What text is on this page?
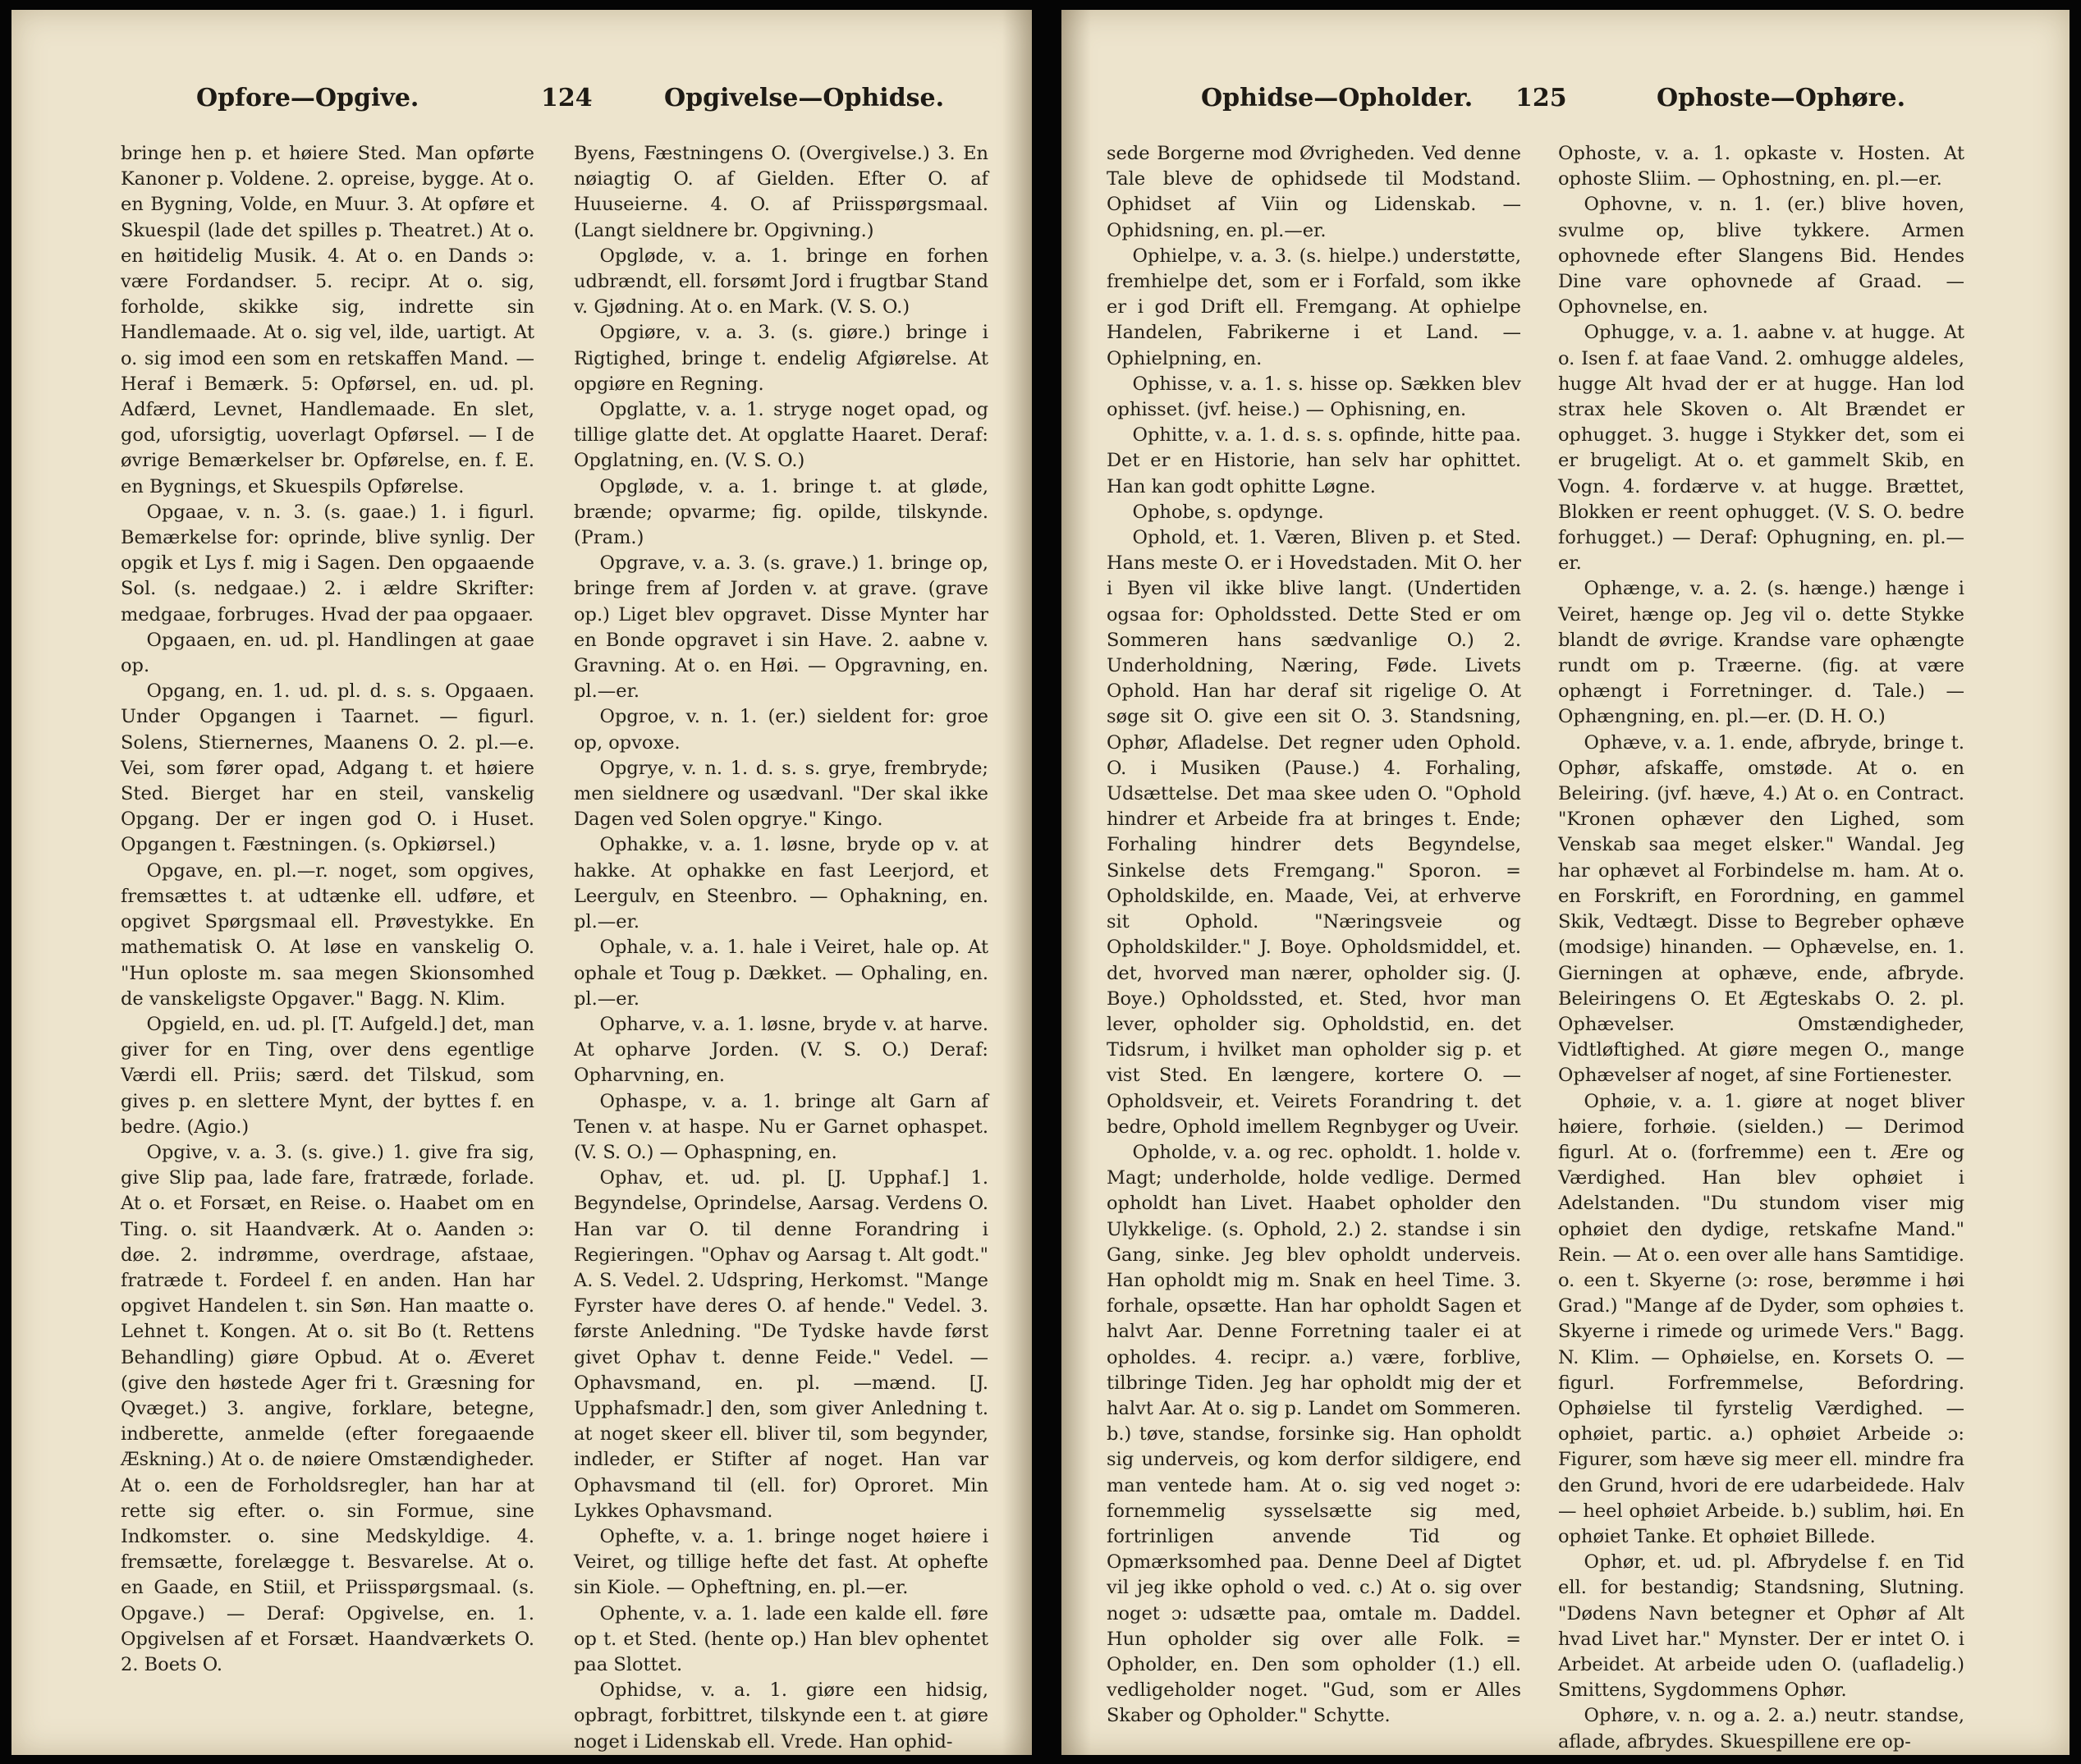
Opfore—Opgive.	124	Opgivelse—Ophidse.

bringe hen p. et høiere Sted. Man opførte Kanoner p. Voldene. 2. opreise, bygge. At o. en Bygning, Volde, en Muur. 3. At opføre et Skuespil (lade det spilles p. Theatret.) At o. en høitidelig Musik. 4. At o. en Dands ɔ: være Fordandser. 5. recipr. At o. sig, forholde, skikke sig, indrette sin Handlemaade. At o. sig vel, ilde, uartigt. At o. sig imod een som en retskaffen Mand. — Heraf i Bemærk. 5: Opførsel, en. ud. pl. Adfærd, Levnet, Handlemaade. En slet, god, uforsigtig, uoverlagt Opførsel. — I de øvrige Bemærkelser br. Opførelse, en. f. E. en Bygnings, et Skuespils Opførelse.

Opgaae, v. n. 3. (s. gaae.) 1. i figurl. Bemærkelse for: oprinde, blive synlig. Der opgik et Lys f. mig i Sagen. Den opgaaende Sol. (s. nedgaae.) 2. i ældre Skrifter: medgaae, forbruges. Hvad der paa opgaaer.

Opgaaen, en. ud. pl. Handlingen at gaae op.

Opgang, en. 1. ud. pl. d. s. s. Opgaaen. Under Opgangen i Taarnet. — figurl. Solens, Stiernernes, Maanens O. 2. pl.—e. Vei, som fører opad, Adgang t. et høiere Sted. Bierget har en steil, vanskelig Opgang. Der er ingen god O. i Huset. Opgangen t. Fæstningen. (s. Opkiørsel.)

Opgave, en. pl.—r. noget, som opgives, fremsættes t. at udtænke ell. udføre, et opgivet Spørgsmaal ell. Prøvestykke. En mathematisk O. At løse en vanskelig O. "Hun oploste m. saa megen Skionsomhed de vanskeligste Opgaver." Bagg. N. Klim.

Opgield, en. ud. pl. [T. Aufgeld.] det, man giver for en Ting, over dens egentlige Værdi ell. Priis; særd. det Tilskud, som gives p. en slettere Mynt, der byttes f. en bedre. (Agio.)

Opgive, v. a. 3. (s. give.) 1. give fra sig, give Slip paa, lade fare, fratræde, forlade. At o. et Forsæt, en Reise. o. Haabet om en Ting. o. sit Haandværk. At o. Aanden ɔ: døe. 2. indrømme, overdrage, afstaae, fratræde t. Fordeel f. en anden. Han har opgivet Handelen t. sin Søn. Han maatte o. Lehnet t. Kongen. At o. sit Bo (t. Rettens Behandling) giøre Opbud. At o. Æveret (give den høstede Ager fri t. Græsning for Qvæget.) 3. angive, forklare, betegne, indberette, anmelde (efter foregaaende Æskning.) At o. de nøiere Omstændigheder. At o. een de Forholdsregler, han har at rette sig efter. o. sin Formue, sine Indkomster. o. sine Medskyldige. 4. fremsætte, forelægge t. Besvarelse. At o. en Gaade, en Stiil, et Priisspørgsmaal. (s. Opgave.) — Deraf: Opgivelse, en. 1. Opgivelsen af et Forsæt. Haandværkets O. 2. Boets O.

Byens, Fæstningens O. (Overgivelse.) 3. En nøiagtig O. af Gielden. Efter O. af Huuseierne. 4. O. af Priisspørgsmaal. (Langt sieldnere br. Opgivning.)

Opgløde, v. a. 1. bringe en forhen udbrændt, ell. forsømt Jord i frugtbar Stand v. Gjødning. At o. en Mark. (V. S. O.)

Opgiøre, v. a. 3. (s. giøre.) bringe i Rigtighed, bringe t. endelig Afgiørelse. At opgiøre en Regning.

Opglatte, v. a. 1. stryge noget opad, og tillige glatte det. At opglatte Haaret. Deraf: Opglatning, en. (V. S. O.)

Opgløde, v. a. 1. bringe t. at gløde, brænde; opvarme; fig. opilde, tilskynde. (Pram.)

Opgrave, v. a. 3. (s. grave.) 1. bringe op, bringe frem af Jorden v. at grave. (grave op.) Liget blev opgravet. Disse Mynter har en Bonde opgravet i sin Have. 2. aabne v. Gravning. At o. en Høi. — Opgravning, en. pl.—er.

Opgroe, v. n. 1. (er.) sieldent for: groe op, opvoxe.

Opgrye, v. n. 1. d. s. s. grye, frembryde; men sieldnere og usædvanl. "Der skal ikke Dagen ved Solen opgrye." Kingo.

Ophakke, v. a. 1. løsne, bryde op v. at hakke. At ophakke en fast Leerjord, et Leergulv, en Steenbro. — Ophakning, en. pl.—er.

Ophale, v. a. 1. hale i Veiret, hale op. At ophale et Toug p. Dækket. — Ophaling, en. pl.—er.

Opharve, v. a. 1. løsne, bryde v. at harve. At opharve Jorden. (V. S. O.) Deraf: Opharvning, en.

Ophaspe, v. a. 1. bringe alt Garn af Tenen v. at haspe. Nu er Garnet ophaspet. (V. S. O.) — Ophaspning, en.

Ophav, et. ud. pl. [J. Upphaf.] 1. Begyndelse, Oprindelse, Aarsag. Verdens O. Han var O. til denne Forandring i Regieringen. "Ophav og Aarsag t. Alt godt." A. S. Vedel. 2. Udspring, Herkomst. "Mange Fyrster have deres O. af hende." Vedel. 3. første Anledning. "De Tydske havde først givet Ophav t. denne Feide." Vedel. — Ophavsmand, en. pl. —mænd. [J. Upphafsmadr.] den, som giver Anledning t. at noget skeer ell. bliver til, som begynder, indleder, er Stifter af noget. Han var Ophavsmand til (ell. for) Oproret. Min Lykkes Ophavsmand.

Ophefte, v. a. 1. bringe noget høiere i Veiret, og tillige hefte det fast. At ophefte sin Kiole. — Opheftning, en. pl.—er.

Ophente, v. a. 1. lade een kalde ell. føre op t. et Sted. (hente op.) Han blev ophentet paa Slottet.

Ophidse, v. a. 1. giøre een hidsig, opbragt, forbittret, tilskynde een t. at giøre noget i Lidenskab ell. Vrede. Han ophid-

Ophidse—Opholder. 125	Ophoste—Ophøre.

sede Borgerne mod Øvrigheden. Ved denne Tale bleve de ophidsede til Modstand. Ophidset af Viin og Lidenskab. — Ophidsning, en. pl.—er.

Ophielpe, v. a. 3. (s. hielpe.) understøtte, fremhielpe det, som er i Forfald, som ikke er i god Drift ell. Fremgang. At ophielpe Handelen, Fabrikerne i et Land. — Ophielpning, en.

Ophisse, v. a. 1. s. hisse op. Sækken blev ophisset. (jvf. heise.) — Ophisning, en.

Ophitte, v. a. 1. d. s. s. opfinde, hitte paa. Det er en Historie, han selv har ophittet. Han kan godt ophitte Løgne.

Ophobe, s. opdynge.

Ophold, et. 1. Væren, Bliven p. et Sted. Hans meste O. er i Hovedstaden. Mit O. her i Byen vil ikke blive langt. (Undertiden ogsaa for: Opholdssted. Dette Sted er om Sommeren hans sædvanlige O.) 2. Underholdning, Næring, Føde. Livets Ophold. Han har deraf sit rigelige O. At søge sit O. give een sit O. 3. Standsning, Ophør, Afladelse. Det regner uden Ophold. O. i Musiken (Pause.) 4. Forhaling, Udsættelse. Det maa skee uden O. "Ophold hindrer et Arbeide fra at bringes t. Ende; Forhaling hindrer dets Begyndelse, Sinkelse dets Fremgang." Sporon. = Opholdskilde, en. Maade, Vei, at erhverve sit Ophold. "Næringsveie og Opholdskilder." J. Boye. Opholdsmiddel, et. det, hvorved man nærer, opholder sig. (J. Boye.) Opholdssted, et. Sted, hvor man lever, opholder sig. Opholdstid, en. det Tidsrum, i hvilket man opholder sig p. et vist Sted. En længere, kortere O. — Opholdsveir, et. Veirets Forandring t. det bedre, Ophold imellem Regnbyger og Uveir.

Opholde, v. a. og rec. opholdt. 1. holde v. Magt; underholde, holde vedlige. Dermed opholdt han Livet. Haabet opholder den Ulykkelige. (s. Ophold, 2.) 2. standse i sin Gang, sinke. Jeg blev opholdt underveis. Han opholdt mig m. Snak en heel Time. 3. forhale, opsætte. Han har opholdt Sagen et halvt Aar. Denne Forretning taaler ei at opholdes. 4. recipr. a.) være, forblive, tilbringe Tiden. Jeg har opholdt mig der et halvt Aar. At o. sig p. Landet om Sommeren. b.) tøve, standse, forsinke sig. Han opholdt sig underveis, og kom derfor sildigere, end man ventede ham. At o. sig ved noget ɔ: fornemmelig sysselsætte sig med, fortrinligen anvende Tid og Opmærksomhed paa. Denne Deel af Digtet vil jeg ikke ophold o ved. c.) At o. sig over noget ɔ: udsætte paa, omtale m. Daddel. Hun opholder sig over alle Folk. = Opholder, en. Den som opholder (1.) ell. vedligeholder noget. "Gud, som er Alles Skaber og Opholder." Schytte.

Ophoste, v. a. 1. opkaste v. Hosten. At ophoste Sliim. — Ophostning, en. pl.—er.

Ophovne, v. n. 1. (er.) blive hoven, svulme op, blive tykkere. Armen ophovnede efter Slangens Bid. Hendes Dine vare ophovnede af Graad. — Ophovnelse, en.

Ophugge, v. a. 1. aabne v. at hugge. At o. Isen f. at faae Vand. 2. omhugge aldeles, hugge Alt hvad der er at hugge. Han lod strax hele Skoven o. Alt Brændet er ophugget. 3. hugge i Stykker det, som ei er brugeligt. At o. et gammelt Skib, en Vogn. 4. fordærve v. at hugge. Brættet, Blokken er reent ophugget. (V. S. O. bedre forhugget.) — Deraf: Ophugning, en. pl.—er.

Ophænge, v. a. 2. (s. hænge.) hænge i Veiret, hænge op. Jeg vil o. dette Stykke blandt de øvrige. Krandse vare ophængte rundt om p. Træerne. (fig. at være ophængt i Forretninger. d. Tale.) — Ophængning, en. pl.—er. (D. H. O.)

Ophæve, v. a. 1. ende, afbryde, bringe t. Ophør, afskaffe, omstøde. At o. en Beleiring. (jvf. hæve, 4.) At o. en Contract. "Kronen ophæver den Lighed, som Venskab saa meget elsker." Wandal. Jeg har ophævet al Forbindelse m. ham. At o. en Forskrift, en Forordning, en gammel Skik, Vedtægt. Disse to Begreber ophæve (modsige) hinanden. — Ophævelse, en. 1. Gierningen at ophæve, ende, afbryde. Beleiringens O. Et Ægteskabs O. 2. pl. Ophævelser. Omstændigheder, Vidtløftighed. At giøre megen O., mange Ophævelser af noget, af sine Fortienester.

Ophøie, v. a. 1. giøre at noget bliver høiere, forhøie. (sielden.) — Derimod figurl. At o. (forfremme) een t. Ære og Værdighed. Han blev ophøiet i Adelstanden. "Du stundom viser mig ophøiet den dydige, retskafne Mand." Rein. — At o. een over alle hans Samtidige. o. een t. Skyerne (ɔ: rose, berømme i høi Grad.) "Mange af de Dyder, som ophøies t. Skyerne i rimede og urimede Vers." Bagg. N. Klim. — Ophøielse, en. Korsets O. — figurl. Forfremmelse, Befordring. Ophøielse til fyrstelig Værdighed. — ophøiet, partic. a.) ophøiet Arbeide ɔ: Figurer, som hæve sig meer ell. mindre fra den Grund, hvori de ere udarbeidede. Halv — heel ophøiet Arbeide. b.) sublim, høi. En ophøiet Tanke. Et ophøiet Billede.

Ophør, et. ud. pl. Afbrydelse f. en Tid ell. for bestandig; Standsning, Slutning. "Dødens Navn betegner et Ophør af Alt hvad Livet har." Mynster. Der er intet O. i Arbeidet. At arbeide uden O. (uafladelig.) Smittens, Sygdommens Ophør.

Ophøre, v. n. og a. 2. a.) neutr. standse, aflade, afbrydes. Skuespillene ere op-
